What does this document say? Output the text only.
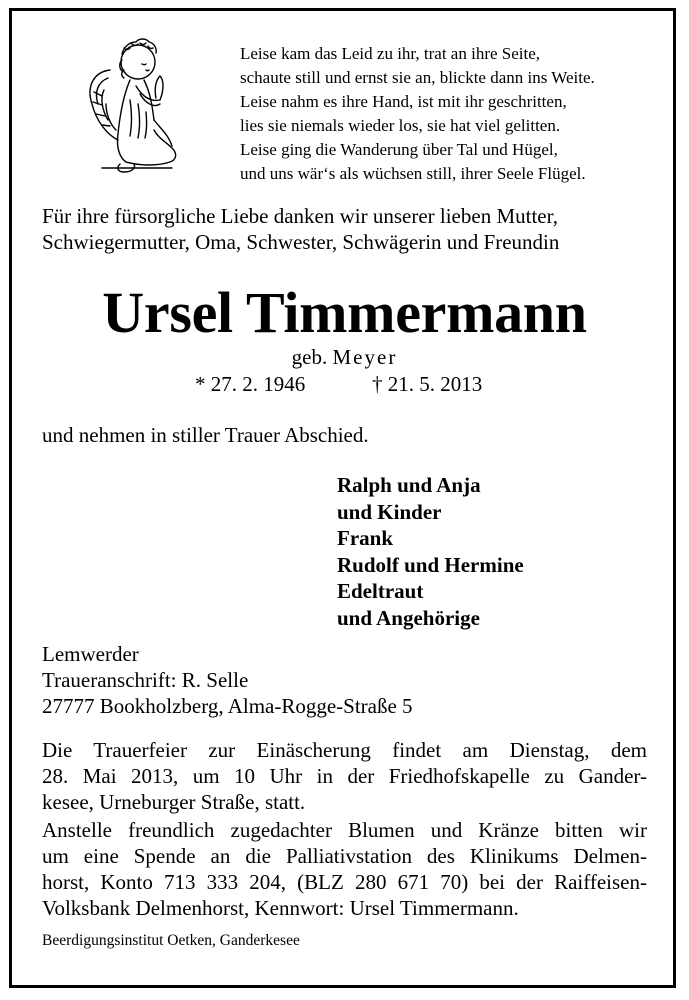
Leise kam das Leid zu ihr, trat an ihre Seite,
schaute still und ernst sie an, blickte dann ins Weite.
Leise nahm es ihre Hand, ist mit ihr geschritten,
lies sie niemals wieder los, sie hat viel gelitten.
Leise ging die Wanderung über Tal und Hügel,
und uns wär‘s als wüchsen still, ihrer Seele Flügel.
Für ihre fürsorgliche Liebe danken wir unserer lieben Mutter,
Schwiegermutter, Oma, Schwester, Schwägerin und Freundin
Ursel Timmermann
geb. Meyer
* 27. 2. 1946	† 21. 5. 2013
und nehmen in stiller Trauer Abschied.
Ralph und Anja
und Kinder
Frank
Rudolf und Hermine
Edeltraut
und Angehörige
Lemwerder
Traueranschrift: R. Selle
27777 Bookholzberg, Alma-Rogge-Straße 5
Die Trauerfeier zur Einäscherung findet am Dienstag, dem
28. Mai 2013, um 10 Uhr in der Friedhofskapelle zu Gander-
kesee, Urneburger Straße, statt.
Anstelle freundlich zugedachter Blumen und Kränze bitten wir
um eine Spende an die Palliativstation des Klinikums Delmen-
horst, Konto 713 333 204, (BLZ 280 671 70) bei der Raiffeisen-
Volksbank Delmenhorst, Kennwort: Ursel Timmermann.
Beerdigungsinstitut Oetken, Ganderkesee
